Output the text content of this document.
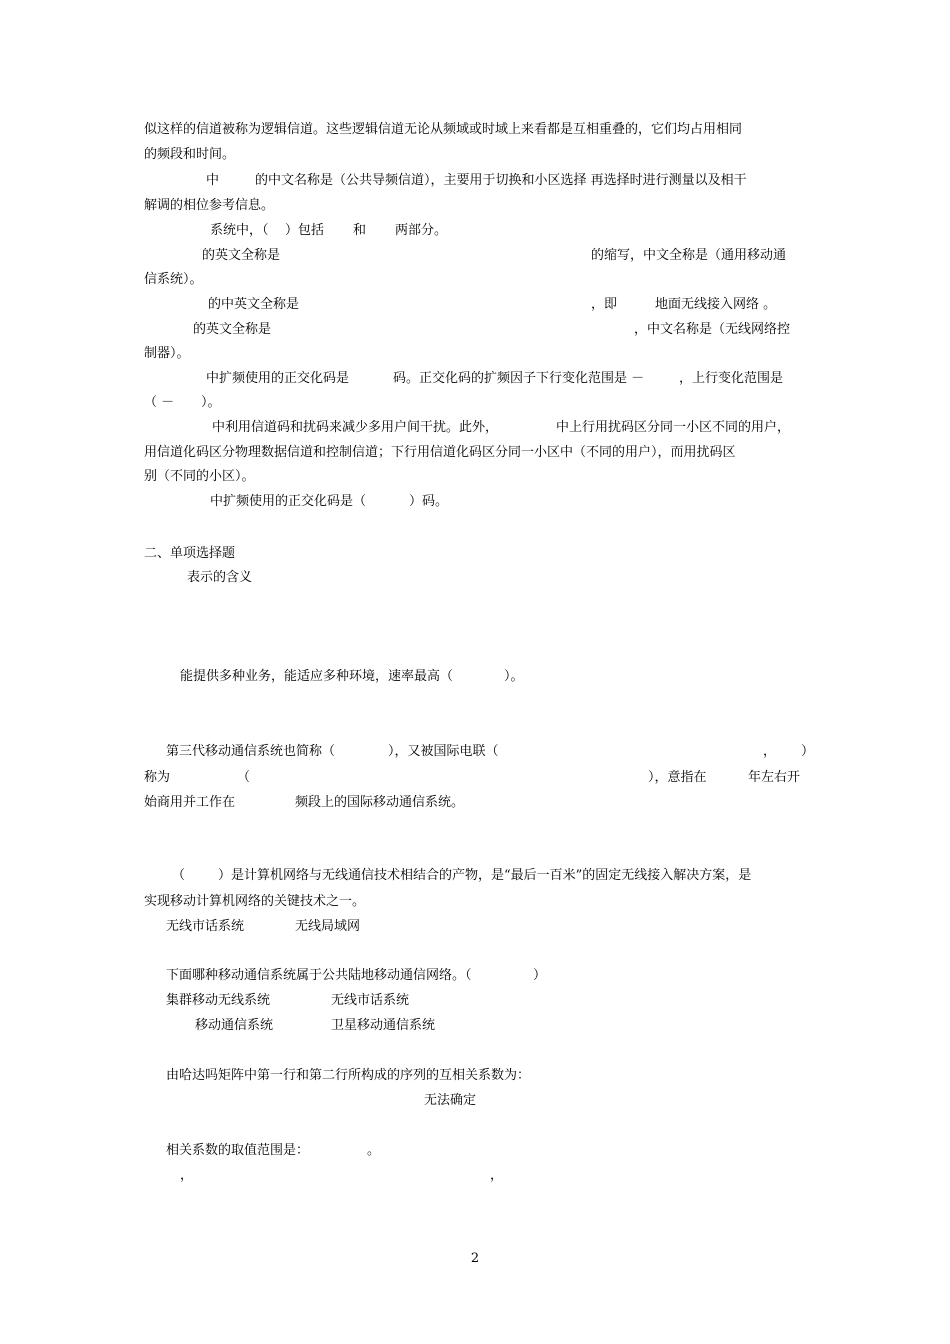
似这样的信道被称为逻辑信道。这些逻辑信道无论从频域或时域上来看都是互相重叠的，它们均占用相同

的频段和时间。

中	的中文名称是（公共导频信道），主要用于切换和小区选择 再选择时进行测量以及相干

解调的相位参考信息。

系统中，（ ）包括 和 两部分。

的英文全称是	的缩写，中文全称是（通用移动通

信系统）。

的中英文全称是	，即	地面无线接入网络 。

的英文全称是	，中文名称是（无线网络控

制器）。

中扩频使用的正交化码是	码。正交化码的扩频因子下行变化范围是 －	，上行变化范围是

（ － ）。

中利用信道码和扰码来减少多用户间干扰。此外，	中上行用扰码区分同一小区不同的用户，

用信道化码区分物理数据信道和控制信道；下行用信道化码区分同一小区中（不同的用户），而用扰码区

别（不同的小区）。

中扩频使用的正交化码是（	）码。

二、单项选择题

表示的含义

能提供多种业务，能适应多种环境，速率最高（	）。

第三代移动通信系统也简称（	），又被国际电联（	， ）

称为	（	），意指在	年左右开

始商用并工作在	频段上的国际移动通信系统。

（	）是计算机网络与无线通信技术相结合的产物，是“最后一百米”的固定无线接入解决方案，是

实现移动计算机网络的关键技术之一。

无线市话系统	无线局域网

下面哪种移动通信系统属于公共陆地移动通信网络。（	）

集群移动无线系统	无线市话系统

移动通信系统	卫星移动通信系统

由哈达吗矩阵中第一行和第二行所构成的序列的互相关系数为：

无法确定

相关系数的取值范围是：	。

，	，

2
